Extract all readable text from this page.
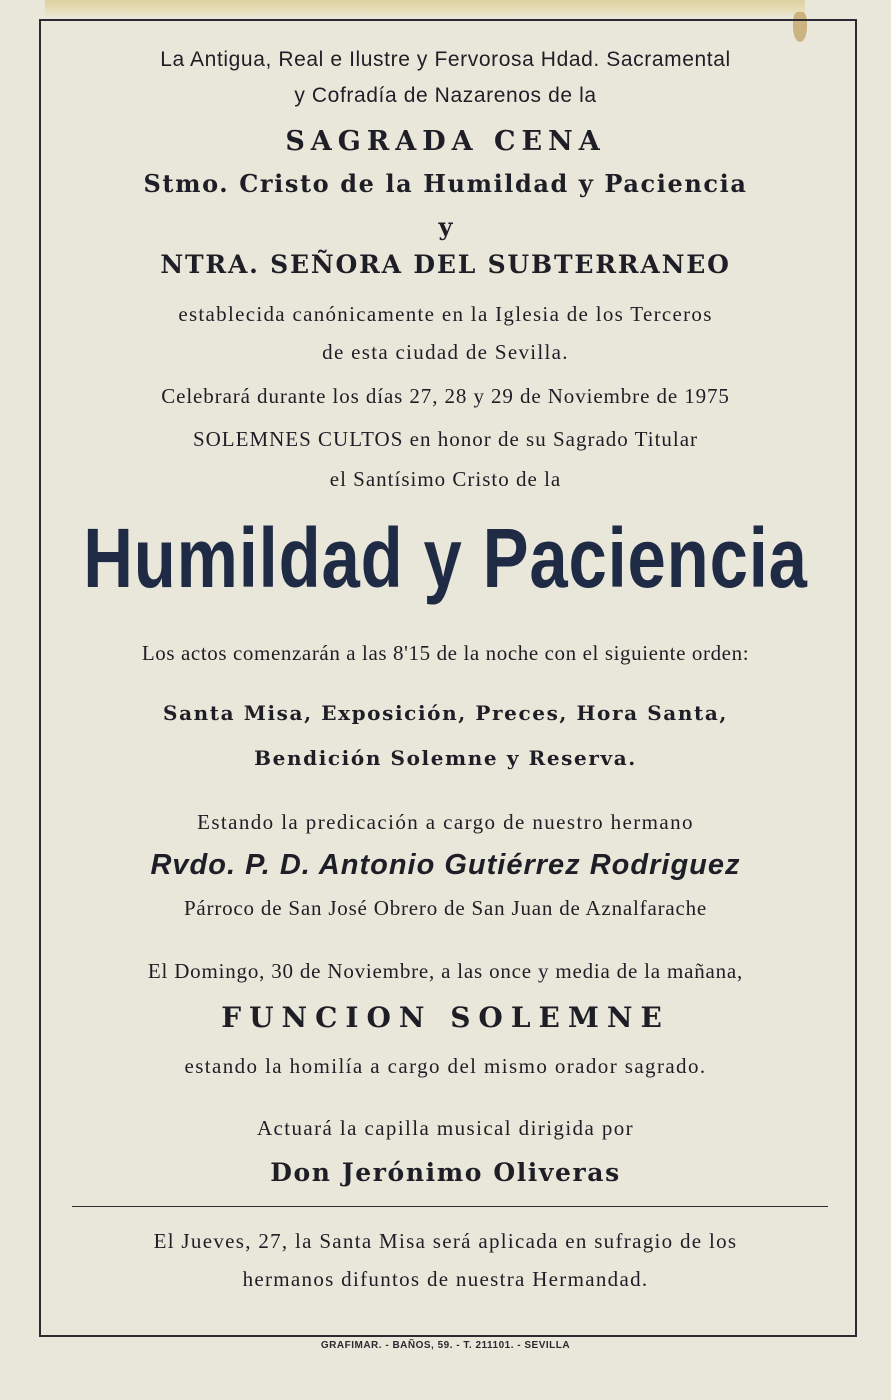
La Antigua, Real e Ilustre y Fervorosa Hdad. Sacramental
y Cofradía de Nazarenos de la
SAGRADA CENA
Stmo. Cristo de la Humildad y Paciencia
y
NTRA. SEÑORA DEL SUBTERRANEO
establecida canónicamente en la Iglesia de los Terceros
de esta ciudad de Sevilla.
Celebrará durante los días 27, 28 y 29 de Noviembre de 1975
SOLEMNES CULTOS en honor de su Sagrado Titular
el Santísimo Cristo de la
Humildad y Paciencia
Los actos comenzarán a las 8'15 de la noche con el siguiente orden:
Santa Misa, Exposición, Preces, Hora Santa,
Bendición Solemne y Reserva.
Estando la predicación a cargo de nuestro hermano
Rvdo. P. D. Antonio Gutiérrez Rodriguez
Párroco de San José Obrero de San Juan de Aznalfarache
El Domingo, 30 de Noviembre, a las once y media de la mañana,
FUNCION SOLEMNE
estando la homilía a cargo del mismo orador sagrado.
Actuará la capilla musical dirigida por
Don Jerónimo Oliveras
El Jueves, 27, la Santa Misa será aplicada en sufragio de los
hermanos difuntos de nuestra Hermandad.
GRAFIMAR. - BAÑOS, 59. - T. 211101. - SEVILLA
